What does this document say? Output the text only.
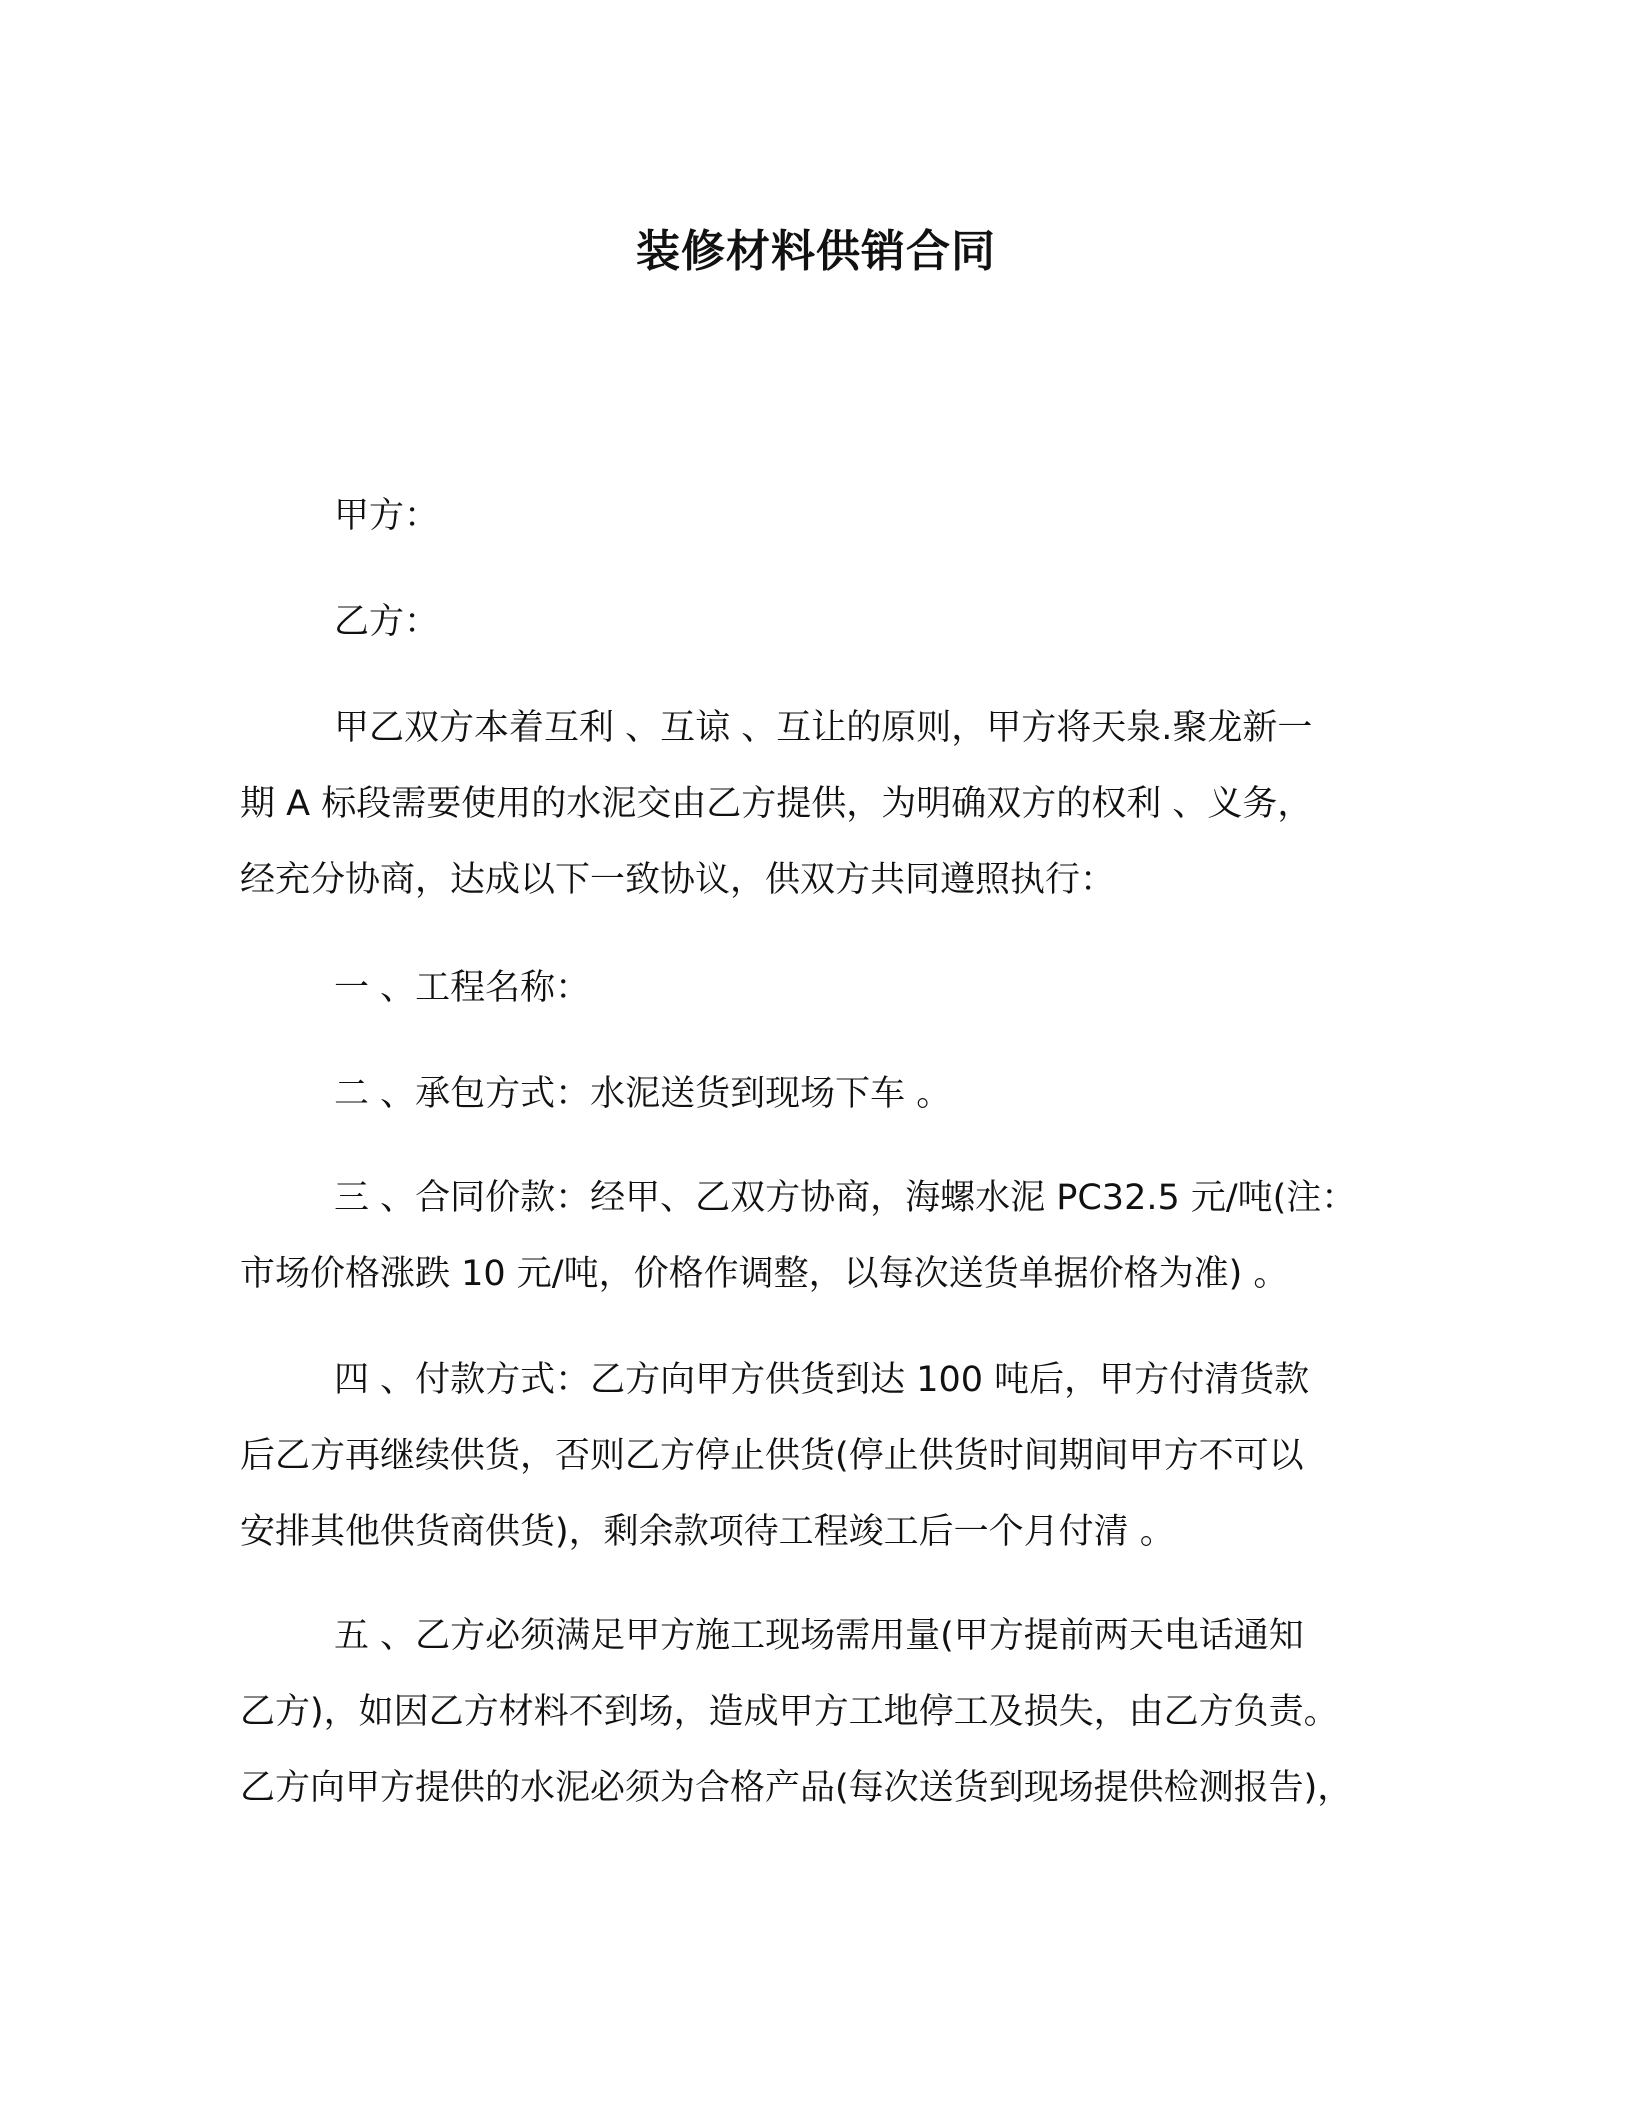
装修材料供销合同
甲方：
乙方：
甲乙双方本着互利 、互谅 、互让的原则，甲方将天泉.聚龙新一
期 A 标段需要使用的水泥交由乙方提供，为明确双方的权利 、义务，
经充分协商，达成以下一致协议，供双方共同遵照执行：
一 、工程名称：
二 、承包方式：水泥送货到现场下车 。
三 、合同价款：经甲、乙双方协商，海螺水泥 PC32.5 元/吨(注：
市场价格涨跌 10 元/吨，价格作调整，以每次送货单据价格为准) 。
四 、付款方式：乙方向甲方供货到达 100 吨后，甲方付清货款
后乙方再继续供货，否则乙方停止供货(停止供货时间期间甲方不可以
安排其他供货商供货)，剩余款项待工程竣工后一个月付清 。
五 、乙方必须满足甲方施工现场需用量(甲方提前两天电话通知
乙方)，如因乙方材料不到场，造成甲方工地停工及损失，由乙方负责。
乙方向甲方提供的水泥必须为合格产品(每次送货到现场提供检测报告)，
